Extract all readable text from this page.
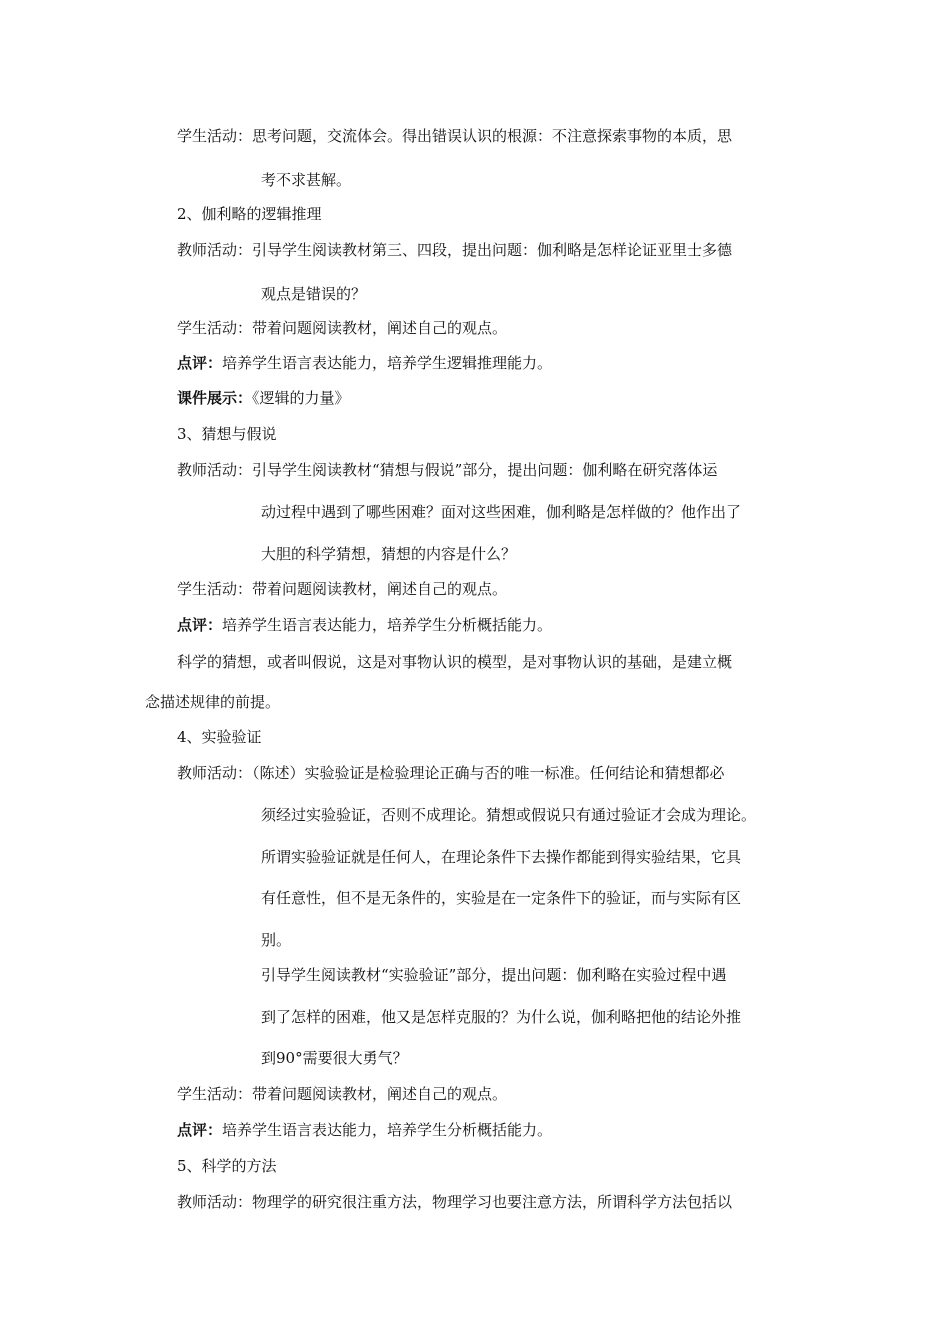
学生活动：思考问题，交流体会。得出错误认识的根源：不注意探索事物的本质，思
考不求甚解。
2、伽利略的逻辑推理
教师活动：引导学生阅读教材第三、四段，提出问题：伽利略是怎样论证亚里士多德
观点是错误的？
学生活动：带着问题阅读教材，阐述自己的观点。
点评：培养学生语言表达能力，培养学生逻辑推理能力。
课件展示：《逻辑的力量》
3、猜想与假说
教师活动：引导学生阅读教材“猜想与假说”部分，提出问题：伽利略在研究落体运
动过程中遇到了哪些困难？面对这些困难，伽利略是怎样做的？他作出了
大胆的科学猜想，猜想的内容是什么？
学生活动：带着问题阅读教材，阐述自己的观点。
点评：培养学生语言表达能力，培养学生分析概括能力。
科学的猜想，或者叫假说，这是对事物认识的模型，是对事物认识的基础，是建立概
念描述规律的前提。
4、实验验证
教师活动：（陈述）实验验证是检验理论正确与否的唯一标准。任何结论和猜想都必
须经过实验验证，否则不成理论。猜想或假说只有通过验证才会成为理论。
所谓实验验证就是任何人，在理论条件下去操作都能到得实验结果，它具
有任意性，但不是无条件的，实验是在一定条件下的验证，而与实际有区
别。
引导学生阅读教材“实验验证”部分，提出问题：伽利略在实验过程中遇
到了怎样的困难，他又是怎样克服的？为什么说，伽利略把他的结论外推
到90°需要很大勇气？
学生活动：带着问题阅读教材，阐述自己的观点。
点评：培养学生语言表达能力，培养学生分析概括能力。
5、科学的方法
教师活动：物理学的研究很注重方法，物理学习也要注意方法，所谓科学方法包括以
